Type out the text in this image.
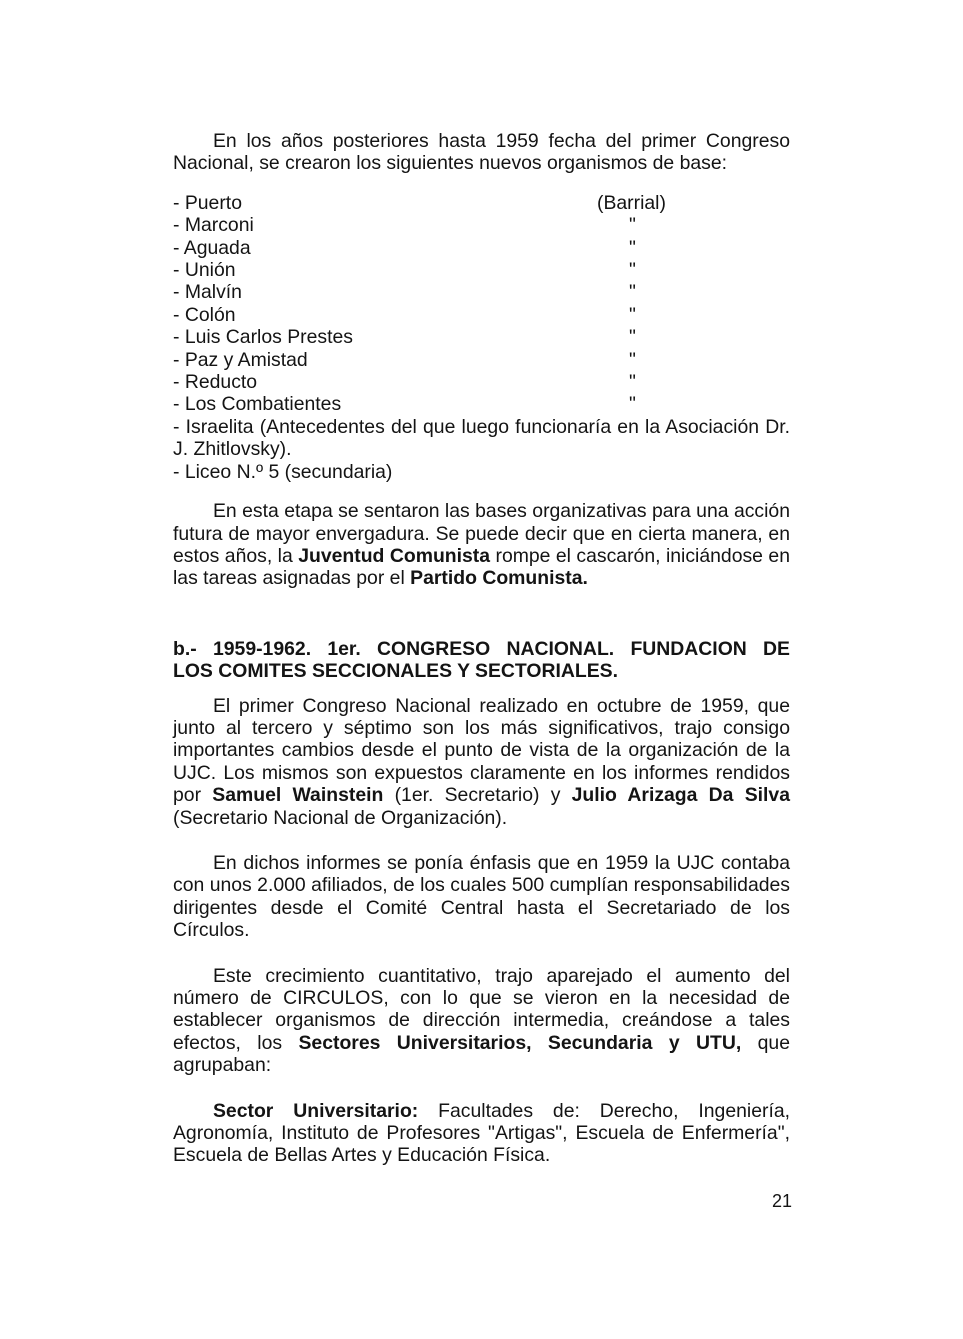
En los años posteriores hasta 1959 fecha del primer Congreso Nacional, se crearon los siguientes nuevos organismos de base:

- Puerto	(Barrial)
- Marconi	"
- Aguada	"
- Unión	"
- Malvín	"
- Colón	"
- Luis Carlos Prestes	"
- Paz y Amistad	"
- Reducto	"
- Los Combatientes	"
- Israelita (Antecedentes del que luego funcionaría en la Asociación Dr. J. Zhitlovsky).
- Liceo N.º 5 (secundaria)

En esta etapa se sentaron las bases organizativas para una acción futura de mayor envergadura. Se puede decir que en cierta manera, en estos años, la Juventud Comunista rompe el cascarón, iniciándose en las tareas asignadas por el Partido Comunista.

b.- 1959-1962. 1er. CONGRESO NACIONAL. FUNDACION DE
LOS COMITES SECCIONALES Y SECTORIALES.

El primer Congreso Nacional realizado en octubre de 1959, que junto al tercero y séptimo son los más significativos, trajo consigo importantes cambios desde el punto de vista de la organización de la UJC. Los mismos son expuestos claramente en los informes rendidos por Samuel Wainstein (1er. Secretario) y Julio Arizaga Da Silva (Secretario Nacional de Organización).

En dichos informes se ponía énfasis que en 1959 la UJC contaba con unos 2.000 afiliados, de los cuales 500 cumplían responsabilidades dirigentes desde el Comité Central hasta el Secretariado de los Círculos.

Este crecimiento cuantitativo, trajo aparejado el aumento del número de CIRCULOS, con lo que se vieron en la necesidad de establecer organismos de dirección intermedia, creándose a tales efectos, los Sectores Universitarios, Secundaria y UTU, que agrupaban:

Sector Universitario: Facultades de: Derecho, Ingeniería, Agronomía, Instituto de Profesores "Artigas", Escuela de Enfermería", Escuela de Bellas Artes y Educación Física.

21
